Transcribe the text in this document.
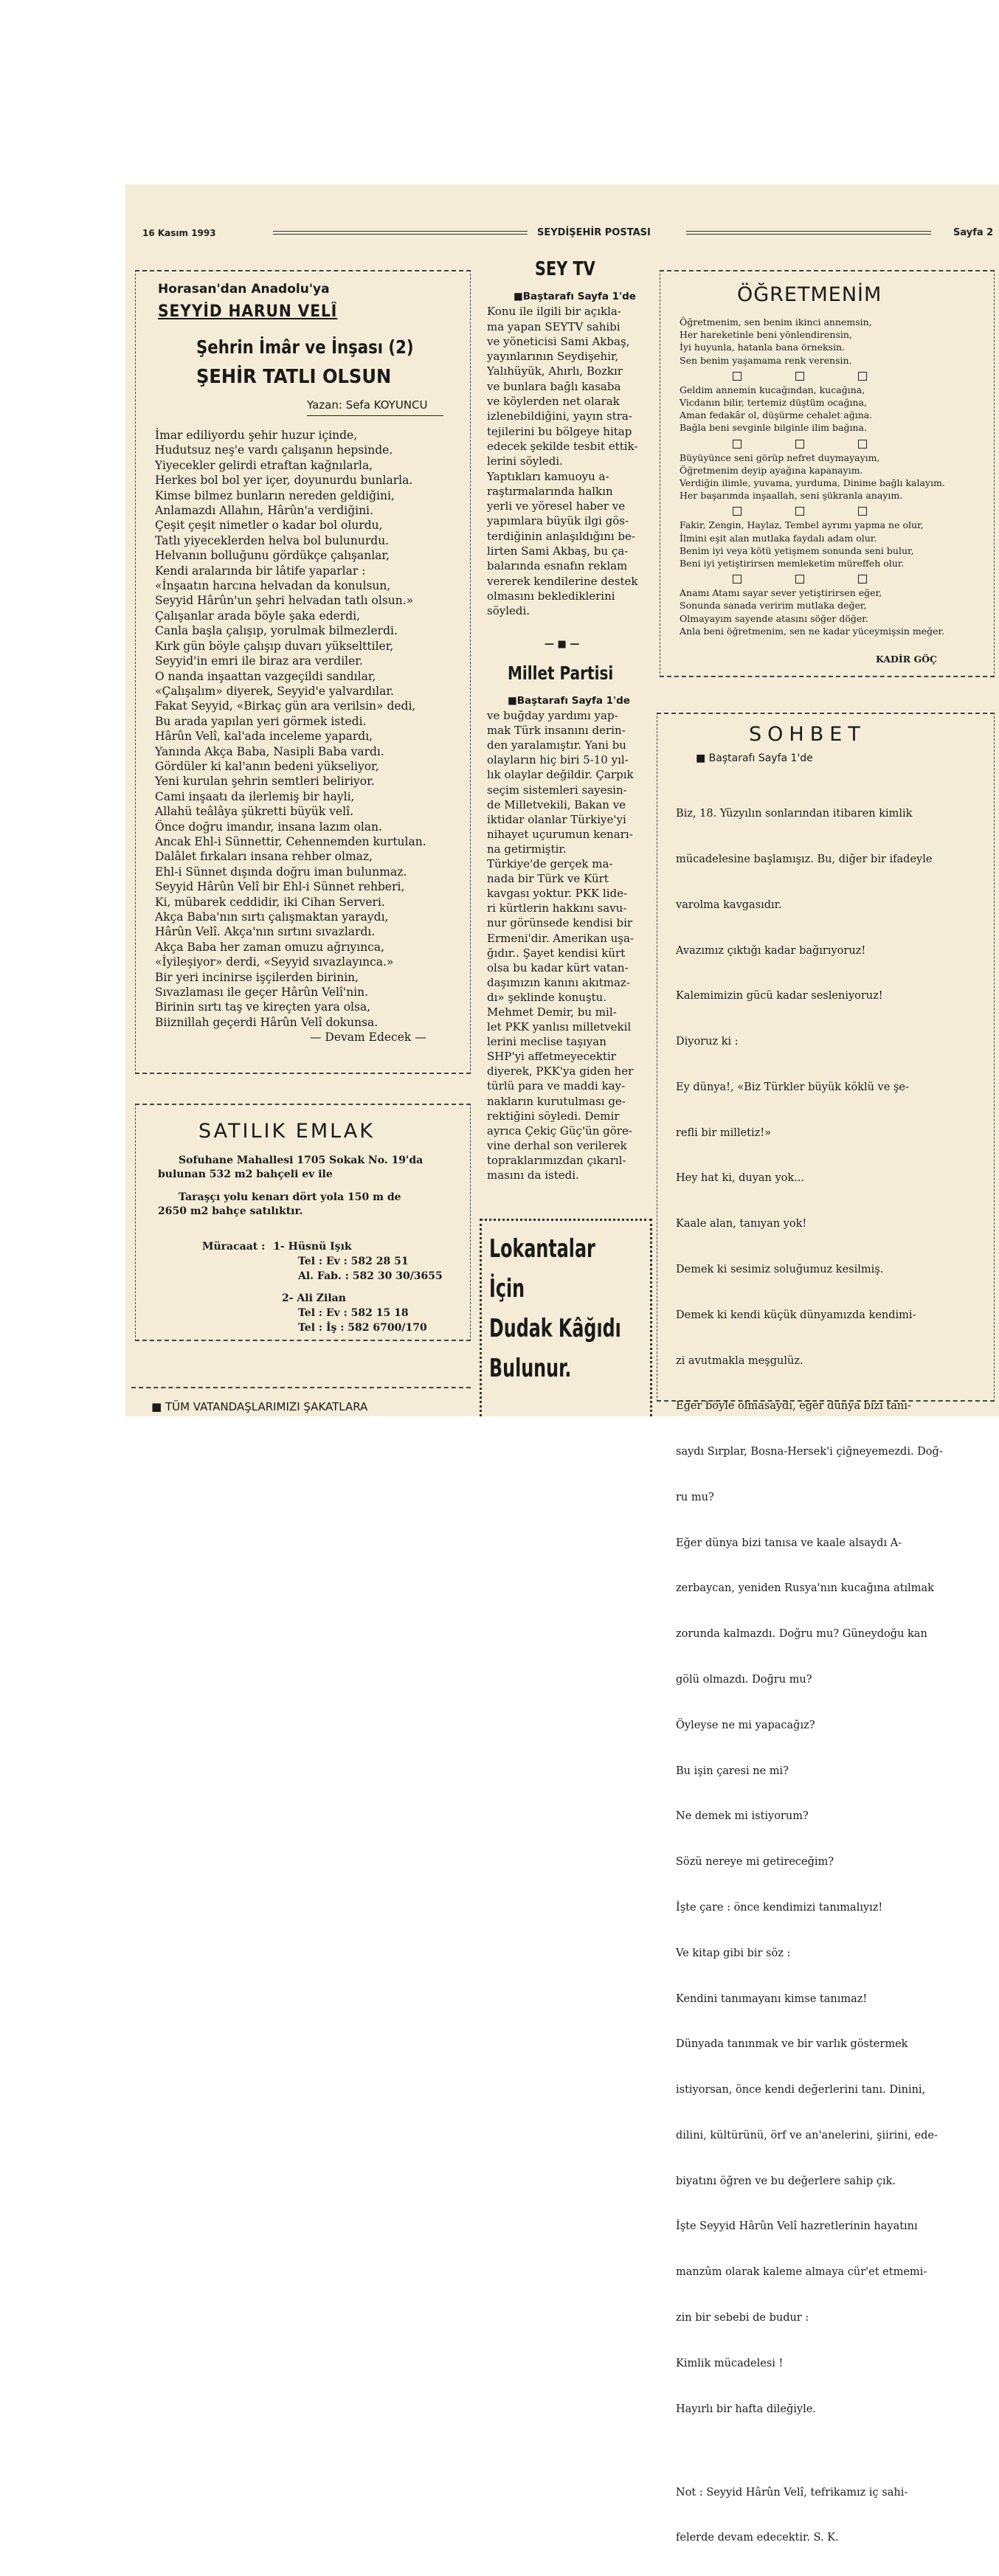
16 Kasım 1993	SEYDİŞEHİR POSTASI	Sayfa 2
Horasan'dan Anadolu'ya
SEYYİD HARUN VELÎ
Şehrin İmâr ve İnşası (2)
ŞEHİR TATLI OLSUN
Yazan: Sefa KOYUNCU

İmar ediliyordu şehir huzur içinde,

Hudutsuz neş'e vardı çalışanın hepsinde.

Yiyecekler gelirdi etraftan kağnılarla,

Herkes bol bol yer içer, doyunurdu bunlarla.

Kimse bilmez bunların nereden geldiğini,

Anlamazdı Allahın, Hârûn'a verdiğini.

Çeşit çeşit nimetler o kadar bol olurdu,

Tatlı yiyeceklerden helva bol bulunurdu.

Helvanın bolluğunu gördükçe çalışanlar,

Kendi aralarında bir lâtife yaparlar :

«İnşaatın harcına helvadan da konulsun,

Seyyid Hârûn'un şehri helvadan tatlı olsun.»

Çalışanlar arada böyle şaka ederdi,

Canla başla çalışıp, yorulmak bilmezlerdi.

Kırk gün böyle çalışıp duvarı yükselttiler,

Seyyid'in emri ile biraz ara verdiler.

O nanda inşaattan vazgeçildi sandılar,

«Çalışalım» diyerek, Seyyid'e yalvardılar.

Fakat Seyyid, «Birkaç gün ara verilsin» dedi,

Bu arada yapılan yeri görmek istedi.

Hârûn Velî, kal'ada inceleme yapardı,

Yanında Akça Baba, Nasipli Baba vardı.

Gördüler ki kal'anın bedeni yükseliyor,

Yeni kurulan şehrin semtleri beliriyor.

Cami inşaatı da ilerlemiş bir hayli,

Allahü teâlâya şükretti büyük velî.

Önce doğru imandır, insana lazım olan.

Ancak Ehl-i Sünnettir, Cehennemden kurtulan.

Dalâlet fırkaları insana rehber olmaz,

Ehl-i Sünnet dışında doğru iman bulunmaz.

Seyyid Hârûn Velî bir Ehl-i Sünnet rehberi,

Ki, mübarek ceddidir, iki Cihan Serveri.

Akça Baba'nın sırtı çalışmaktan yaraydı,

Hârûn Velî. Akça'nın sırtını sıvazlardı.

Akça Baba her zaman omuzu ağrıyınca,

«İyileşiyor» derdi, «Seyyid sıvazlayınca.»

Bir yeri incinirse işçilerden birinin,

Sıvazlaması ile geçer Hârûn Velî'nin.

Birinin sırtı taş ve kireçten yara olsa,

Biiznillah geçerdi Hârûn Velî dokunsa.

— Devam Edecek —

SATILIK EMLAK
Sofuhane Mahallesi 1705 Sokak No. 19'da
bulunan 532 m2 bahçeli ev ile
Taraşçı yolu kenarı dört yola 150 m de
2650 m2 bahçe satılıktır.
Müracaat : 1- Hüsnü Işık
Tel : Ev : 582 28 51
Al. Fab. : 582 30 30/3655
2- Ali Zilan
Tel : Ev : 582 15 18
Tel : İş : 582 6700/170
■ TÜM VATANDAŞLARIMIZI ŞAKATLARA
SEY TV

■Baştarafı Sayfa 1'de

Konu ile ilgili bir açıkla-

ma yapan SEYTV sahibi

ve yöneticisi Sami Akbaş,

yayınlarının Seydişehir,

Yalıhüyük, Ahırlı, Bozkır

ve bunlara bağlı kasaba

ve köylerden net olarak

izlenebildiğini, yayın stra-

tejilerini bu bölgeye hitap

edecek şekilde tesbit ettik-

lerini söyledi.

Yaptıkları kamuoyu a-

raştırmalarında halkın

yerli ve yöresel haber ve

yapımlara büyük ilgi gös-

terdiğinin anlaşıldığını be-

lirten Sami Akbaş, bu ça-

balarında esnafın reklam

vererek kendilerine destek

olmasını beklediklerini

söyledi.

— ■ —
Millet Partisi

■Baştarafı Sayfa 1'de

ve buğday yardımı yap-

mak Türk insanını derin-

den yaralamıştır. Yani bu

olayların hiç biri 5-10 yıl-

lık olaylar değildir. Çarpık

seçim sistemleri sayesin-

de Milletvekili, Bakan ve

iktidar olanlar Türkiye'yi

nihayet uçurumun kenarı-

na getirmiştir.

Türkiye'de gerçek ma-

nada bir Türk ve Kürt

kavgası yoktur. PKK lide-

ri kürtlerin hakkını savu-

nur görünsede kendisi bir

Ermeni'dir. Amerikan uşa-

ğıdır.. Şayet kendisi kürt

olsa bu kadar kürt vatan-

daşımızın kanını akıtmaz-

dı» şeklinde konuştu.

Mehmet Demir, bu mil-

let PKK yanlısı milletvekil

lerini meclise taşıyan

SHP'yi affetmeyecektir

diyerek, PKK'ya giden her

türlü para ve maddi kay-

nakların kurutulması ge-

rektiğini söyledi. Demir

ayrıca Çekiç Güç'ün göre-

vine derhal son verilerek

topraklarımızdan çıkarıl-

masını da istedi.

Lokantalar
İçin
Dudak Kâğıdı
Bulunur.
ÖĞRETMENİM

Öğretmenim, sen benim ikinci annemsin,

Her hareketinle beni yönlendirensin,

İyi huyunla, hatanla bana örneksin.

Sen benim yaşamama renk verensin.

Geldim annemin kucağından, kucağına,

Vicdanın bilir, tertemiz düştüm ocağına,

Aman fedakâr ol, düşürme cehalet ağına.

Bağla beni sevginle bilginle ilim bağına.

Büyüyünce seni görüp nefret duymayayım,

Öğretmenim deyip ayağına kapanayım.

Verdiğin ilimle, yuvama, yurduma, Dinime bağlı kalayım.

Her başarımda inşaallah, seni şükranla anayım.

Fakir, Zengin, Haylaz, Tembel ayrımı yapma ne olur,

İlmini eşit alan mutlaka faydalı adam olur.

Benim iyi veya kötü yetişmem sonunda seni bulur,

Beni iyi yetiştirirsen memleketim müreffeh olur.

Anamı Atamı sayar sever yetiştirirsen eğer,

Sonunda sanada veririm mutlaka değer,

Olmayayım sayende atasını söğer döğer.

Anla beni öğretmenim, sen ne kadar yüceymişsin meğer.

KADİR GÖÇ
SOHBET
■ Baştarafı Sayfa 1'de

Biz, 18. Yüzyılın sonlarından itibaren kimlik

mücadelesine başlamışız. Bu, diğer bir ifadeyle

varolma kavgasıdır.

Avazımız çıktığı kadar bağırıyoruz!

Kalemimizin gücü kadar sesleniyoruz!

Diyoruz ki :

Ey dünya!, «Biz Türkler büyük köklü ve şe-

refli bir milletiz!»

Hey hat ki, duyan yok...

Kaale alan, tanıyan yok!

Demek ki sesimiz soluğumuz kesilmiş.

Demek ki kendi küçük dünyamızda kendimi-

zi avutmakla meşgulüz.

Eğer böyle olmasaydı, eğer dünya bizi tanı-

saydı Sırplar, Bosna-Hersek'i çiğneyemezdi. Doğ-

ru mu?

Eğer dünya bizi tanısa ve kaale alsaydı A-

zerbaycan, yeniden Rusya'nın kucağına atılmak

zorunda kalmazdı. Doğru mu? Güneydoğu kan

gölü olmazdı. Doğru mu?

Öyleyse ne mi yapacağız?

Bu işin çaresi ne mi?

Ne demek mi istiyorum?

Sözü nereye mi getireceğim?

İşte çare : önce kendimizi tanımalıyız!

Ve kitap gibi bir söz :

Kendini tanımayanı kimse tanımaz!

Dünyada tanınmak ve bir varlık göstermek

istiyorsan, önce kendi değerlerini tanı. Dinini,

dilini, kültürünü, örf ve an'anelerini, şiirini, ede-

biyatını öğren ve bu değerlere sahip çık.

İşte Seyyid Hârûn Velî hazretlerinin hayatını

manzûm olarak kaleme almaya cür'et etmemi-

zin bir sebebi de budur :

Kimlik mücadelesi !

Hayırlı bir hafta dileğiyle.

Not : Seyyid Hârûn Velî, tefrikamız iç sahi-

felerde devam edecektir. S. K.
